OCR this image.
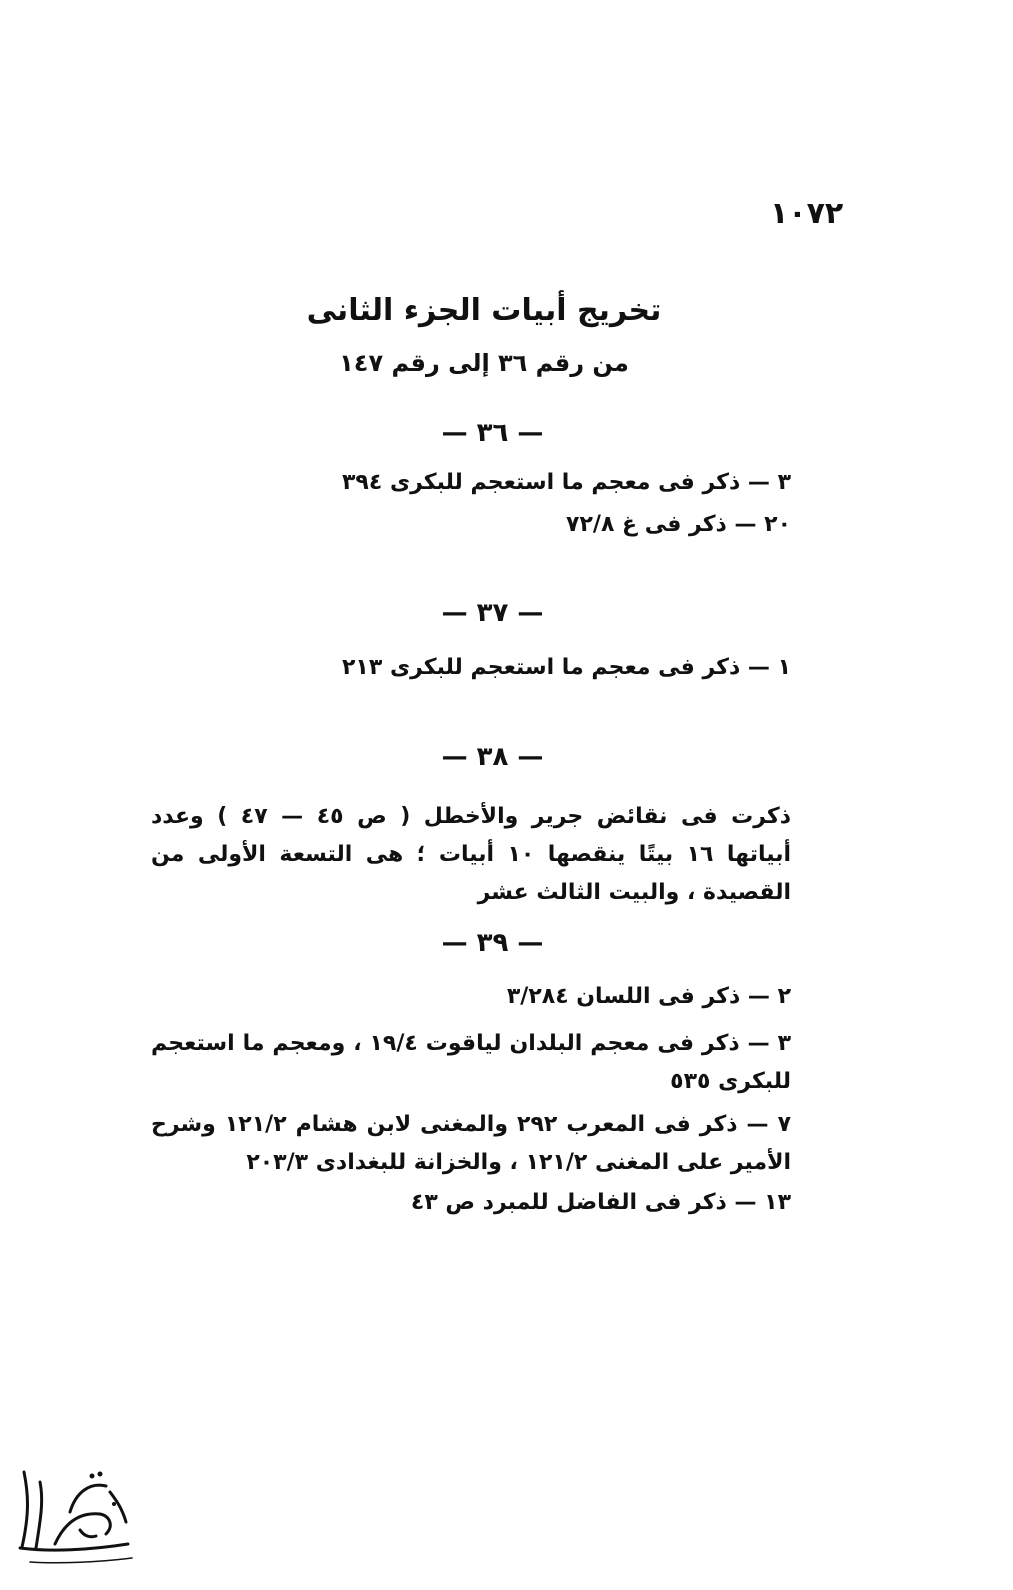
١٠٧٢
تخريج أبيات الجزء الثانى
من رقم ٣٦ إلى رقم ١٤٧
— ٣٦ —
٣ — ذكر فى معجم ما استعجم للبكرى ٣٩٤
٢٠ — ذكر فى غ ٧٢/٨
— ٣٧ —
١ — ذكر فى معجم ما استعجم للبكرى ٢١٣
— ٣٨ —
ذكرت فى نقائض جرير والأخطل ( ص ٤٥ — ٤٧ ) وعدد أبياتها ١٦ بيتًا ينقصها ١٠ أبيات ؛ هى التسعة الأولى من القصيدة ، والبيت الثالث عشر
— ٣٩ —
٢ — ذكر فى اللسان ٣/٢٨٤
٣ — ذكر فى معجم البلدان لياقوت ١٩/٤ ، ومعجم ما استعجم للبكرى ٥٣٥
٧ — ذكر فى المعرب ٢٩٢ والمغنى لابن هشام ١٢١/٢ وشرح الأمير على المغنى ١٢١/٢ ، والخزانة للبغدادى ٢٠٣/٣
١٣ — ذكر فى الفاضل للمبرد ص ٤٣
